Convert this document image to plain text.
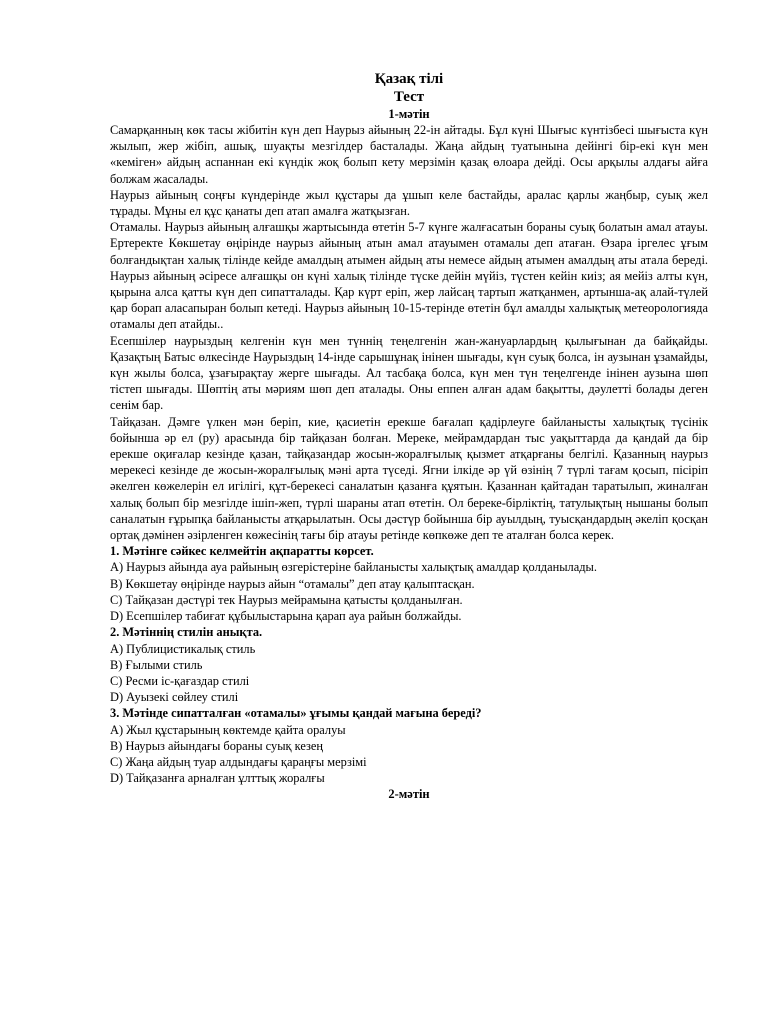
Қазақ тілі
Тест
1-мәтін
Самарқанның көк тасы жібитін күн деп Наурыз айының 22-ін айтады. Бұл күні Шығыс күнтізбесі шығыста күн жылып, жер жібіп, ашық, шуақты мезгілдер басталады. Жаңа айдың туатынына дейінгі бір-екі күн мен «кеміген» айдың аспаннан екі күндік жоқ болып кету мерзімін қазақ өлоара дейді. Осы арқылы алдағы айға болжам жасалады.
Наурыз айының соңғы күндерінде жыл құстары да ұшып келе бастайды, аралас қарлы жаңбыр, суық жел тұрады. Мұны ел құс қанаты деп атап амалға жатқызған.
Отамалы. Наурыз айының алғашқы жартысында өтетін 5-7 күнге жалғасатын бораны суық болатын амал атауы. Ертеректе Көкшетау өңірінде наурыз айының атын амал атауымен отамалы деп атаған. Өзара іргелес ұғым болғандықтан халық тілінде кейде амалдың атымен айдың аты немесе айдың атымен амалдың аты атала береді. Наурыз айының әсіресе алғашқы он күні халық тілінде түске дейін мүйіз, түстен кейін киіз; ая мейіз алты күн, қырына алса қатты күн деп сипатталады. Қар күрт еріп, жер лайсаң тартып жатқанмен, артынша-ақ алай-түлей қар борап аласапыран болып кетеді. Наурыз айының 10-15-терінде өтетін бұл амалды халықтық метеорологияда отамалы деп атайды..
Есепшілер наурыздың келгенін күн мен түннің теңелгенін жан-жануарлардың қылығынан да байқайды. Қазақтың Батыс өлкесінде Наурыздың 14-інде сарышұнақ інінен шығады, күн суық болса, ін аузынан ұзамайды, күн жылы болса, ұзағырақтау жерге шығады. Ал тасбақа болса, күн мен түн теңелгенде інінен аузына шөп тістеп шығады. Шөптің аты мәриям шөп деп аталады. Оны еппен алған адам бақытты, дәулетті болады деген сенім бар.
Тайқазан. Дәмге үлкен мән беріп, кие, қасиетін ерекше бағалап қадірлеуге байланысты халықтық түсінік бойынша әр ел (ру) арасында бір тайқазан болған. Мереке, мейрамдардан тыс уақыттарда да қандай да бір ерекше оқиғалар кезінде қазан, тайқазандар жосын-жоралғылық қызмет атқарғаны белгілі. Қазанның наурыз мерекесі кезінде де жосын-жоралғылық мәні арта түседі. Ягни ілкіде әр үй өзінің 7 түрлі тағам қосып, пісіріп әкелген көжелерін ел игілігі, құт-берекесі саналатын қазанға құятын. Қазаннан қайтадан таратылып, жиналған халық болып бір мезгілде ішіп-жеп, түрлі шараны атап өтетін. Ол береке-бірліктің, татулықтың нышаны болып саналатын ғұрыпқа байланысты атқарылатын. Осы дәстүр бойынша бір ауылдың, туысқандардың әкеліп қосқан ортақ дәмінен әзірленген көжесінің тағы бір атауы ретінде көпкөже деп те аталған болса керек.
1. Мәтінге сәйкес келмейтін ақпаратты көрсет.
A) Наурыз айында ауа райының өзгерістеріне байланысты халықтық амалдар қолданылады.
B) Көкшетау өңірінде наурыз айын “отамалы” деп атау қалыптасқан.
C) Тайқазан дәстүрі тек Наурыз мейрамына қатысты қолданылған.
D) Есепшілер табиғат құбылыстарына қарап ауа райын болжайды.
2. Мәтіннің стилін анықта.
A) Публицистикалық стиль
B) Ғылыми стиль
C) Ресми іс-қағаздар стилі
D) Ауызекі сөйлеу стилі
3. Мәтінде сипатталған «отамалы» ұғымы қандай мағына береді?
A) Жыл құстарының көктемде қайта оралуы
B) Наурыз айындағы бораны суық кезең
C) Жаңа айдың туар алдындағы қараңғы мерзімі
D) Тайқазанға арналған ұлттық жоралғы
2-мәтін
